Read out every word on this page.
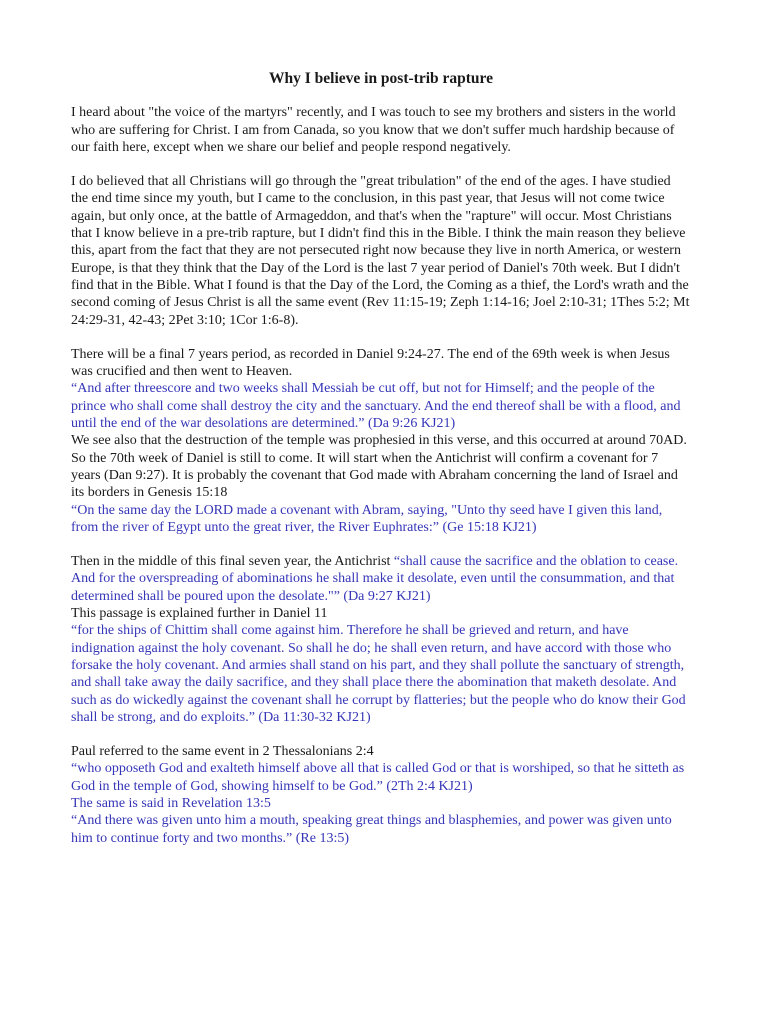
Why I believe in post-trib rapture

I heard about "the voice of the martyrs" recently, and I was touch to see my brothers and sisters in the world who are suffering for Christ. I am from Canada, so you know that we don't suffer much hardship because of our faith here, except when we share our belief and people respond negatively.

I do believed that all Christians will go through the "great tribulation" of the end of the ages. I have studied the end time since my youth, but I came to the conclusion, in this past year, that Jesus will not come twice again, but only once, at the battle of Armageddon, and that's when the "rapture" will occur. Most Christians that I know believe in a pre-trib rapture, but I didn't find this in the Bible. I think the main reason they believe this, apart from the fact that they are not persecuted right now because they live in north America, or western Europe, is that they think that the Day of the Lord is the last 7 year period of Daniel's 70th week. But I didn't find that in the Bible. What I found is that the Day of the Lord, the Coming as a thief, the Lord's wrath and the second coming of Jesus Christ is all the same event (Rev 11:15-19; Zeph 1:14-16; Joel 2:10-31; 1Thes 5:2; Mt 24:29-31, 42-43; 2Pet 3:10; 1Cor 1:6-8).

There will be a final 7 years period, as recorded in Daniel 9:24-27. The end of the 69th week is when Jesus was crucified and then went to Heaven.

“And after threescore and two weeks shall Messiah be cut off, but not for Himself; and the people of the prince who shall come shall destroy the city and the sanctuary. And the end thereof shall be with a flood, and until the end of the war desolations are determined.” (Da 9:26 KJ21)

We see also that the destruction of the temple was prophesied in this verse, and this occurred at around 70AD.

So the 70th week of Daniel is still to come. It will start when the Antichrist will confirm a covenant for 7 years (Dan 9:27). It is probably the covenant that God made with Abraham concerning the land of Israel and its borders in Genesis 15:18

“On the same day the LORD made a covenant with Abram, saying, "Unto thy seed have I given this land, from the river of Egypt unto the great river, the River Euphrates:” (Ge 15:18 KJ21)

Then in the middle of this final seven year, the Antichrist “shall cause the sacrifice and the oblation to cease. And for the overspreading of abominations he shall make it desolate, even until the consummation, and that determined shall be poured upon the desolate."” (Da 9:27 KJ21)

This passage is explained further in Daniel 11

“for the ships of Chittim shall come against him. Therefore he shall be grieved and return, and have indignation against the holy covenant. So shall he do; he shall even return, and have accord with those who forsake the holy covenant. And armies shall stand on his part, and they shall pollute the sanctuary of strength, and shall take away the daily sacrifice, and they shall place there the abomination that maketh desolate. And such as do wickedly against the covenant shall he corrupt by flatteries; but the people who do know their God shall be strong, and do exploits.” (Da 11:30-32 KJ21)

Paul referred to the same event in 2 Thessalonians 2:4

“who opposeth God and exalteth himself above all that is called God or that is worshiped, so that he sitteth as God in the temple of God, showing himself to be God.” (2Th 2:4 KJ21)

The same is said in Revelation 13:5

“And there was given unto him a mouth, speaking great things and blasphemies, and power was given unto him to continue forty and two months.” (Re 13:5)
